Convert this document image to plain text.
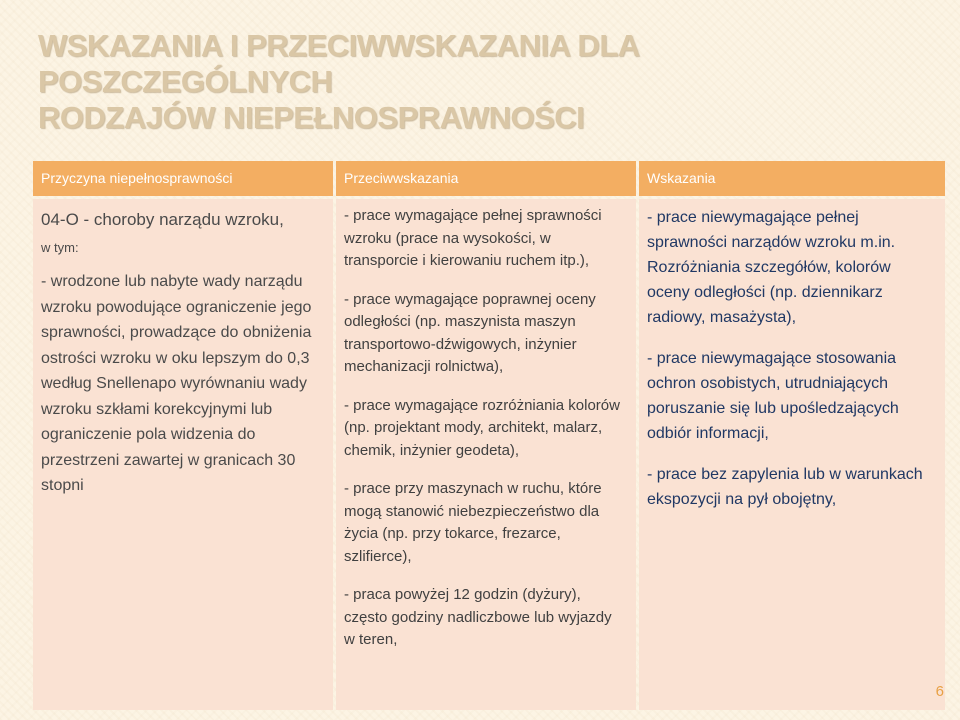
WSKAZANIA I PRZECIWWSKAZANIA DLA POSZCZEGÓLNYCH
RODZAJÓW NIEPEŁNOSPRAWNOŚCI
Przyczyna niepełnosprawności	Przeciwwskazania	Wskazania
04-O - choroby narządu wzroku,
w tym:

- wrodzone lub nabyte wady narządu wzroku powodujące ograniczenie jego sprawności, prowadzące do obniżenia ostrości wzroku w oku lepszym do 0,3 według Snellenapo wyrównaniu wady wzroku szkłami korekcyjnymi lub ograniczenie pola widzenia do przestrzeni zawartej w granicach 30 stopni

- prace wymagające pełnej sprawności wzroku (prace na wysokości, w transporcie i kierowaniu ruchem itp.),

- prace wymagające poprawnej oceny odległości (np. maszynista maszyn transportowo-dźwigowych, inżynier mechanizacji rolnictwa),

- prace wymagające rozróżniania kolorów (np. projektant mody, architekt, malarz, chemik, inżynier geodeta),

- prace przy maszynach w ruchu, które mogą stanowić niebezpieczeństwo dla życia (np. przy tokarce, frezarce, szlifierce),

- praca powyżej 12 godzin (dyżury), często godziny nadliczbowe lub wyjazdy w teren,

- prace niewymagające pełnej sprawności narządów wzroku m.in. Rozróżniania szczegółów, kolorów oceny odległości (np. dziennikarz radiowy, masażysta),

- prace niewymagające stosowania ochron osobistych, utrudniających poruszanie się lub upośledzających odbiór informacji,

- prace bez zapylenia lub w warunkach ekspozycji na pył obojętny,

6
